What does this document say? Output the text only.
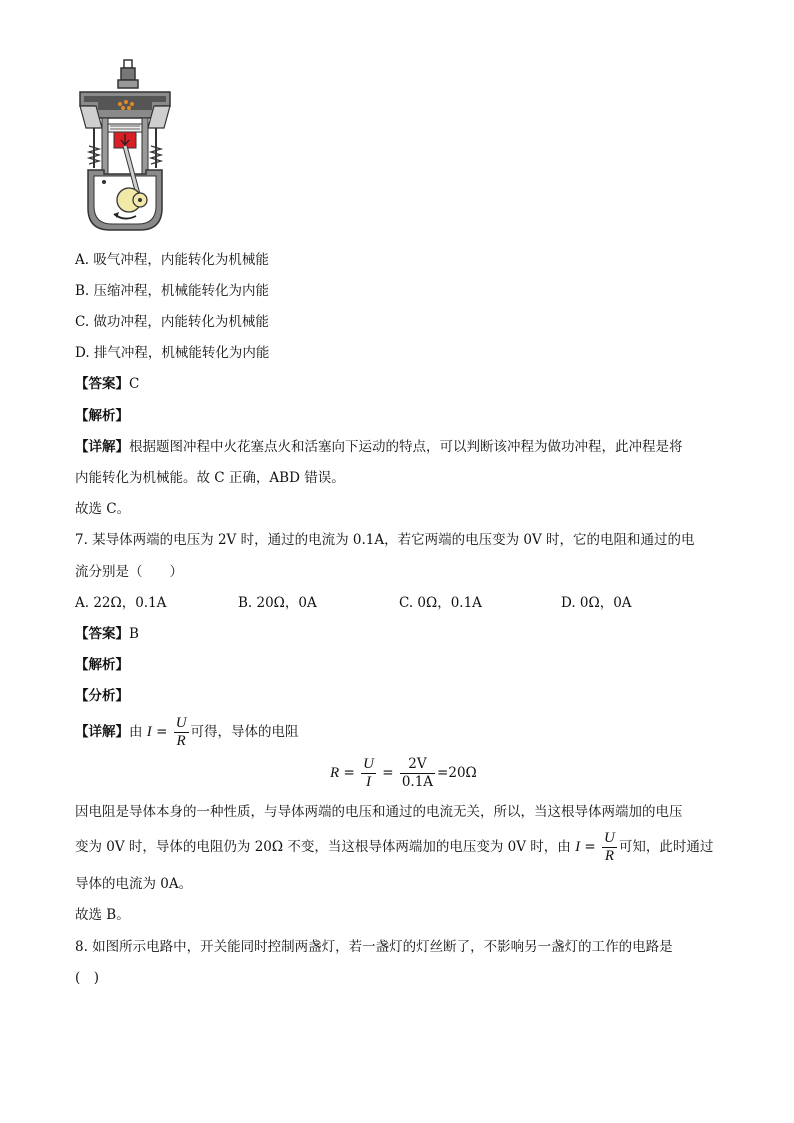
A. 吸气冲程，内能转化为机械能
B. 压缩冲程，机械能转化为内能
C. 做功冲程，内能转化为机械能
D. 排气冲程，机械能转化为内能
【答案】C
【解析】
【详解】根据题图冲程中火花塞点火和活塞向下运动的特点，可以判断该冲程为做功冲程，此冲程是将
内能转化为机械能。故 C 正确，ABD 错误。
故选 C。
7. 某导体两端的电压为 2V 时，通过的电流为 0.1A，若它两端的电压变为 0V 时，它的电阻和通过的电
流分别是（　　）
A. 22Ω，0.1A	B. 20Ω，0A	C. 0Ω，0.1A	D. 0Ω，0A
【答案】B
【解析】
【分析】
【详解】由 $I = \frac{U}{R}$ 可得，导体的电阻
$R = \frac{U}{I} = \frac{2V}{0.1A} =20\Omega$
因电阻是导体本身的一种性质，与导体两端的电压和通过的电流无关，所以，当这根导体两端加的电压
变为 0V 时，导体的电阻仍为 20Ω 不变，当这根导体两端加的电压变为 0V 时，由 $I = \frac{U}{R}$ 可知，此时通过
导体的电流为 0A。
故选 B。
8. 如图所示电路中，开关能同时控制两盏灯，若一盏灯的灯丝断了，不影响另一盏灯的工作的电路是
(　)
